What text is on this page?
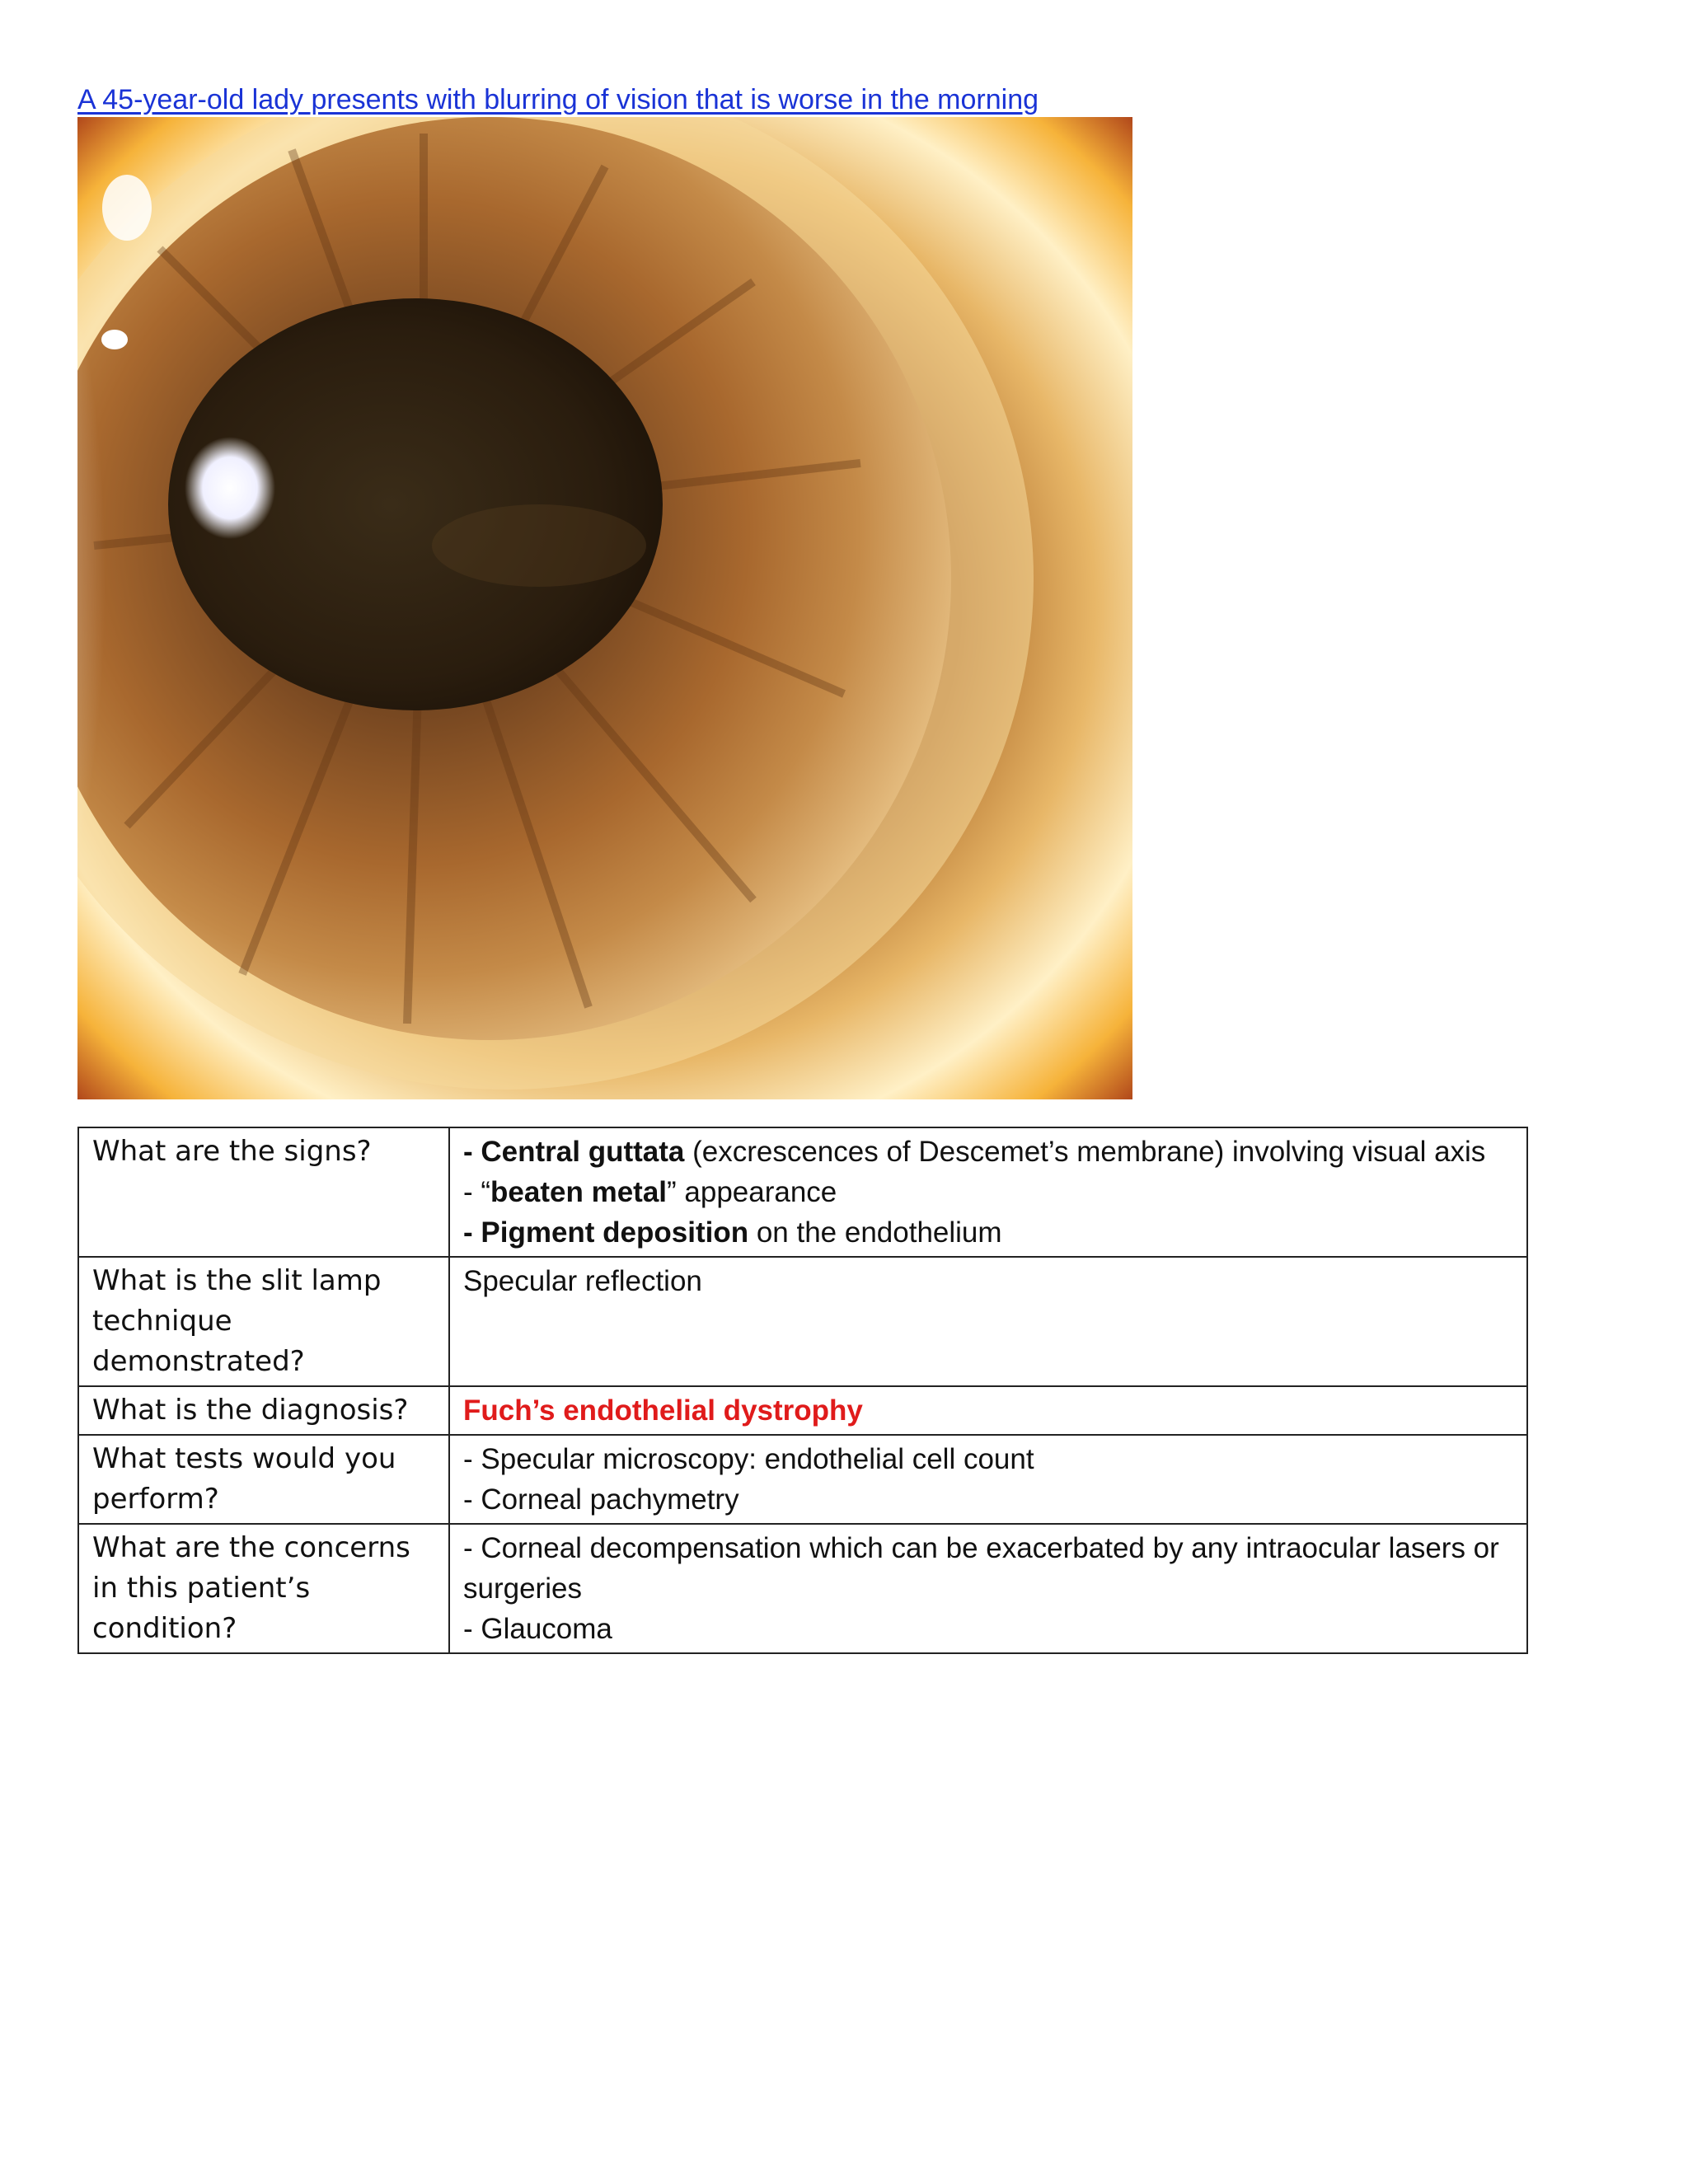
A 45-year-old lady presents with blurring of vision that is worse in the morning
What are the signs?	- Central guttata (excrescences of Descemet’s membrane) involving visual axis
- “beaten metal” appearance
- Pigment deposition on the endothelium

What is the slit lamp technique demonstrated?	Specular reflection

What is the diagnosis?	Fuch’s endothelial dystrophy

What tests would you perform?	- Specular microscopy: endothelial cell count
- Corneal pachymetry

What are the concerns in this patient’s condition?	- Corneal decompensation which can be exacerbated by any intraocular lasers or surgeries
- Glaucoma
